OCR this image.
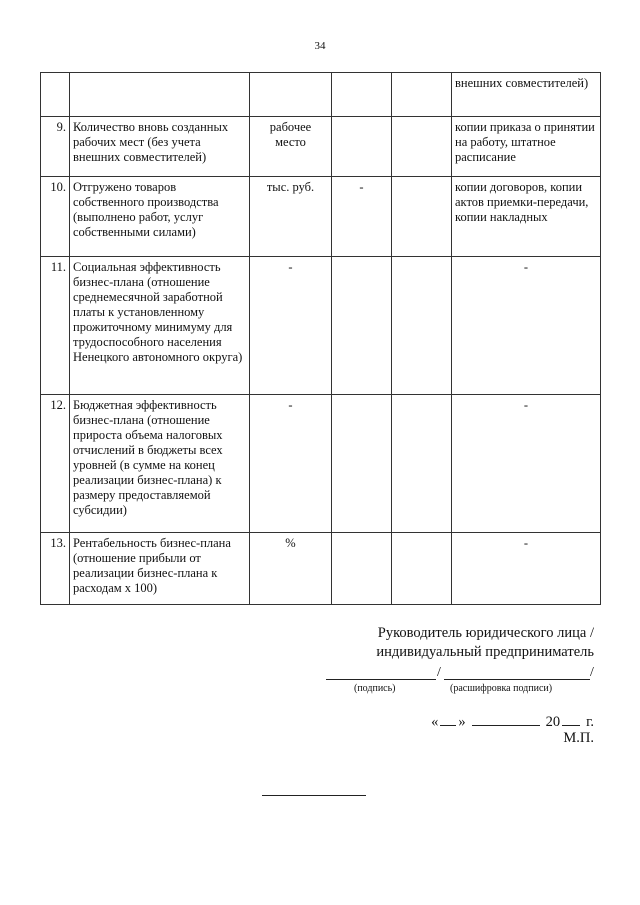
34
					внешних совместителей)
9.	Количество вновь созданных рабочих мест (без учета внешних совместителей)	рабочее место			копии приказа о принятии на работу, штатное расписание
10.	Отгружено товаров собственного производства (выполнено работ, услуг собственными силами)	тыс. руб.	-		копии договоров, копии актов приемки-передачи, копии накладных
11.	Социальная эффективность бизнес-плана (отношение среднемесячной заработной платы к установленному прожиточному минимуму для трудоспособного населения Ненецкого автономного округа)	-			-
12.	Бюджетная эффективность бизнес-плана (отношение прироста объема налоговых отчислений в бюджеты всех уровней (в сумме на конец реализации бизнес-плана) к размеру предоставляемой субсидии)	-			-
13.	Рентабельность бизнес-плана (отношение прибыли от реализации бизнес-плана к расходам х 100)	%			-
Руководитель юридического лица /
индивидуальный предприниматель
/	/
(подпись)	(расшифровка подписи)
« »	20 г.
М.П.
